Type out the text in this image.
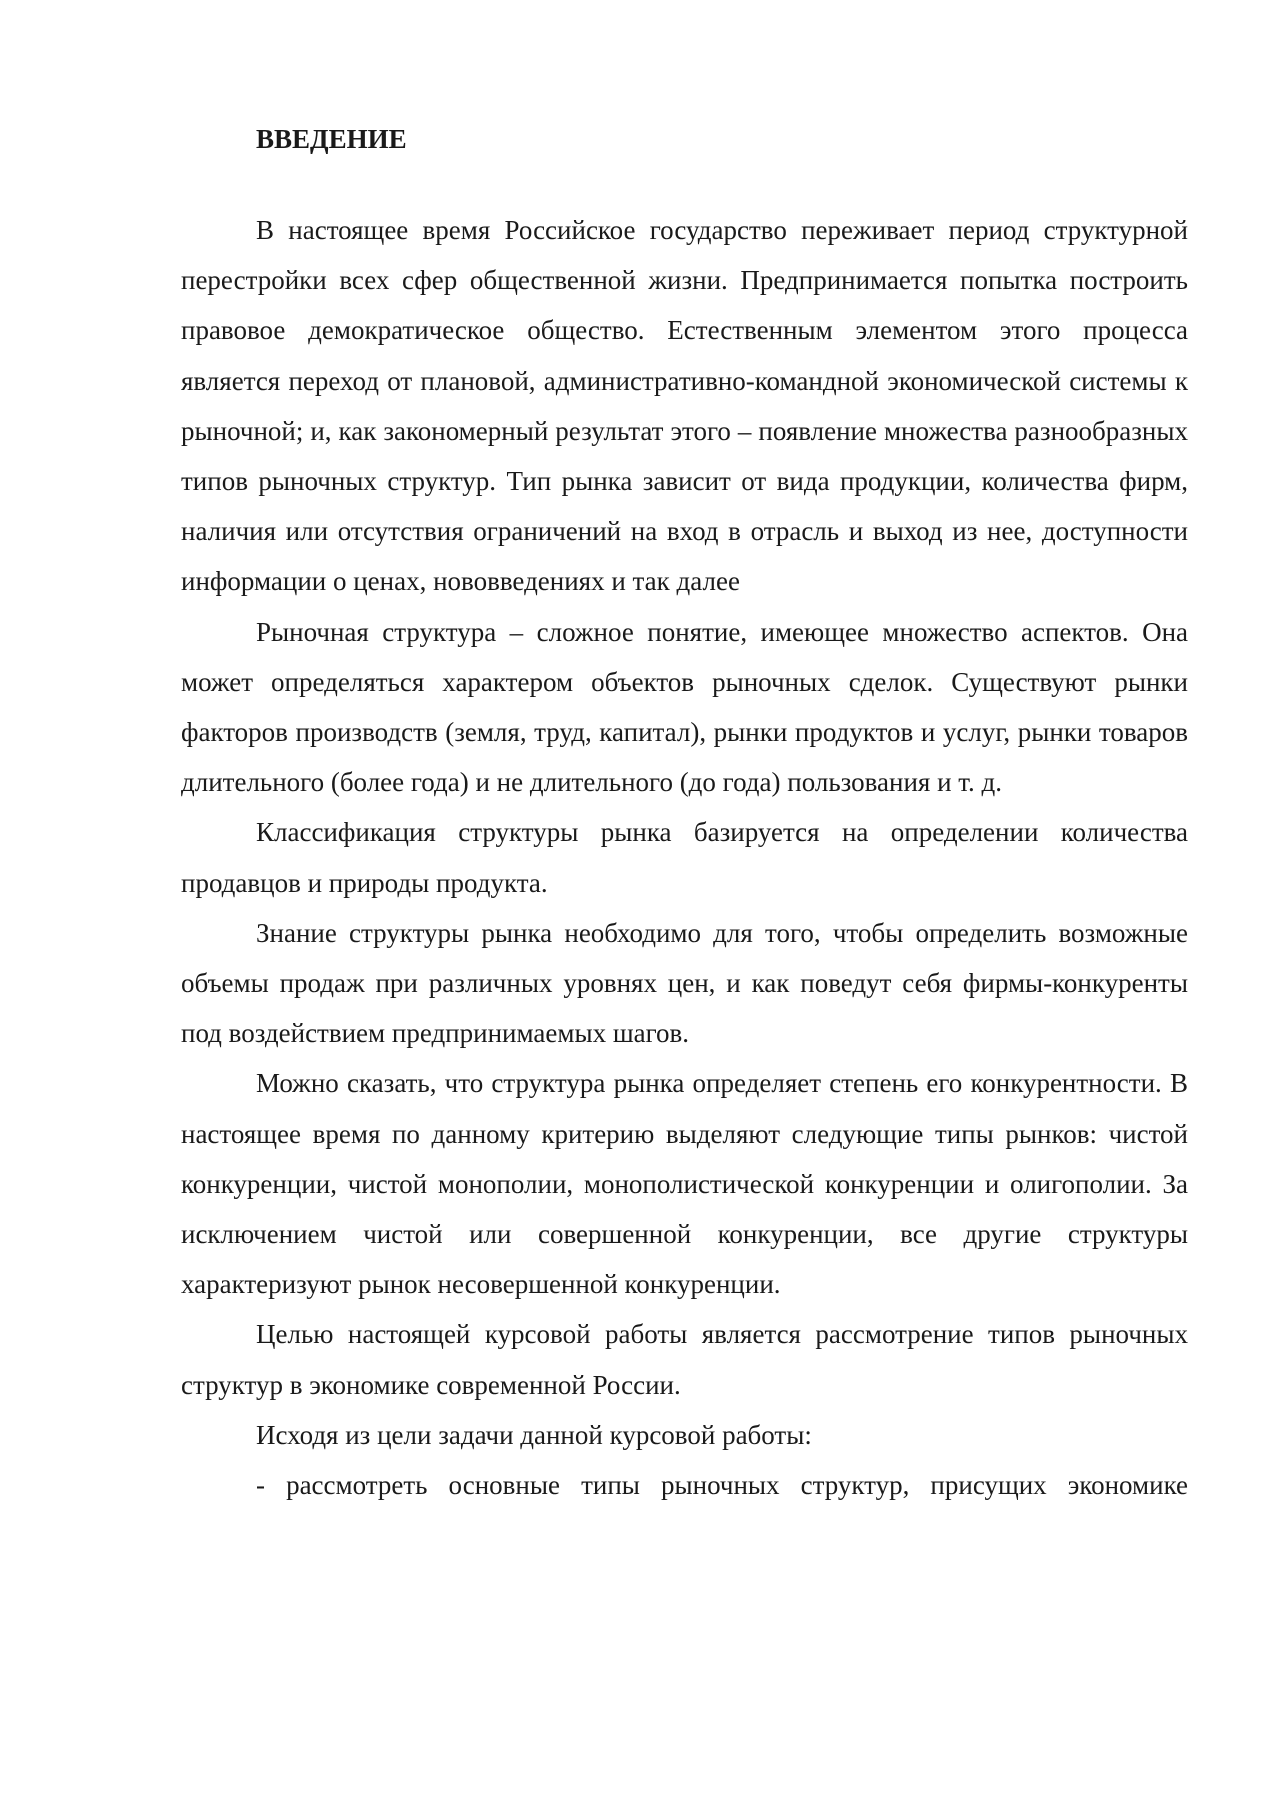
ВВЕДЕНИЕ

В настоящее время Российское государство переживает период структурной перестройки всех сфер общественной жизни. Предпринимается попытка построить правовое демократическое общество. Естественным элементом этого процесса является переход от плановой, административно-командной экономической системы к рыночной; и, как закономерный результат этого – появление множества разнообразных типов рыночных структур. Тип рынка зависит от вида продукции, количества фирм, наличия или отсутствия ограничений на вход в отрасль и выход из нее, доступности информации о ценах, нововведениях и так далее

Рыночная структура – сложное понятие, имеющее множество аспектов. Она может определяться характером объектов рыночных сделок. Существуют рынки факторов производств (земля, труд, капитал), рынки продуктов и услуг, рынки товаров длительного (более года) и не длительного (до года) пользования и т. д.

Классификация структуры рынка базируется на определении количества продавцов и природы продукта.

Знание структуры рынка необходимо для того, чтобы определить возможные объемы продаж при различных уровнях цен, и как поведут себя фирмы-конкуренты под воздействием предпринимаемых шагов.

Можно сказать, что структура рынка определяет степень его конкурентности. В настоящее время по данному критерию выделяют следующие типы рынков: чистой конкуренции, чистой монополии, монополистической конкуренции и олигополии. За исключением чистой или совершенной конкуренции, все другие структуры характеризуют рынок несовершенной конкуренции.

Целью настоящей курсовой работы является рассмотрение типов рыночных структур в экономике современной России.

Исходя из цели задачи данной курсовой работы:

- рассмотреть основные типы рыночных структур, присущих экономике
